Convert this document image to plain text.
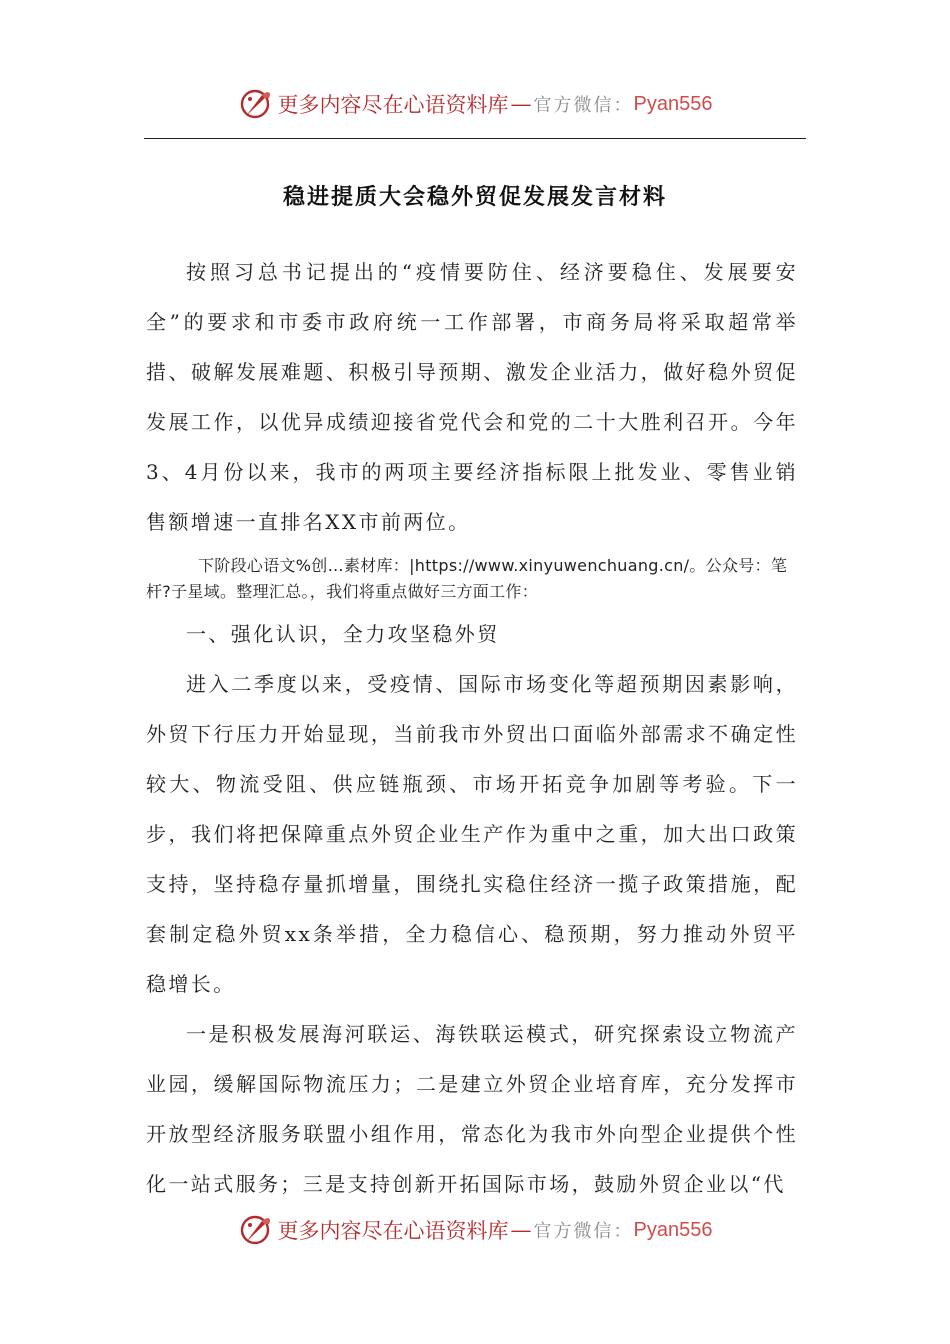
更多内容尽在心语资料库 — 官方微信： Pyan556
稳进提质大会稳外贸促发展发言材料

按照习总书记提出的“疫情要防住、经济要稳住、发展要安全”的要求和市委市政府统一工作部署，市商务局将采取超常举措、破解发展难题、积极引导预期、激发企业活力，做好稳外贸促发展工作，以优异成绩迎接省党代会和党的二十大胜利召开。今年3、4月份以来，我市的两项主要经济指标限上批发业、零售业销售额增速一直排名XX市前两位。

下阶段心语文%创…素材库：|https://www.xinyuwenchuang.cn/。公众号：笔杆?子星域。整理汇总。，我们将重点做好三方面工作：

一、强化认识，全力攻坚稳外贸

进入二季度以来，受疫情、国际市场变化等超预期因素影响，外贸下行压力开始显现，当前我市外贸出口面临外部需求不确定性较大、物流受阻、供应链瓶颈、市场开拓竞争加剧等考验。下一步，我们将把保障重点外贸企业生产作为重中之重，加大出口政策支持，坚持稳存量抓增量，围绕扎实稳住经济一揽子政策措施，配套制定稳外贸xx条举措，全力稳信心、稳预期，努力推动外贸平稳增长。

一是积极发展海河联运、海铁联运模式，研究探索设立物流产业园，缓解国际物流压力；二是建立外贸企业培育库，充分发挥市开放型经济服务联盟小组作用，常态化为我市外向型企业提供个性化一站式服务；三是支持创新开拓国际市场，鼓励外贸企业以“代

更多内容尽在心语资料库 — 官方微信： Pyan556
